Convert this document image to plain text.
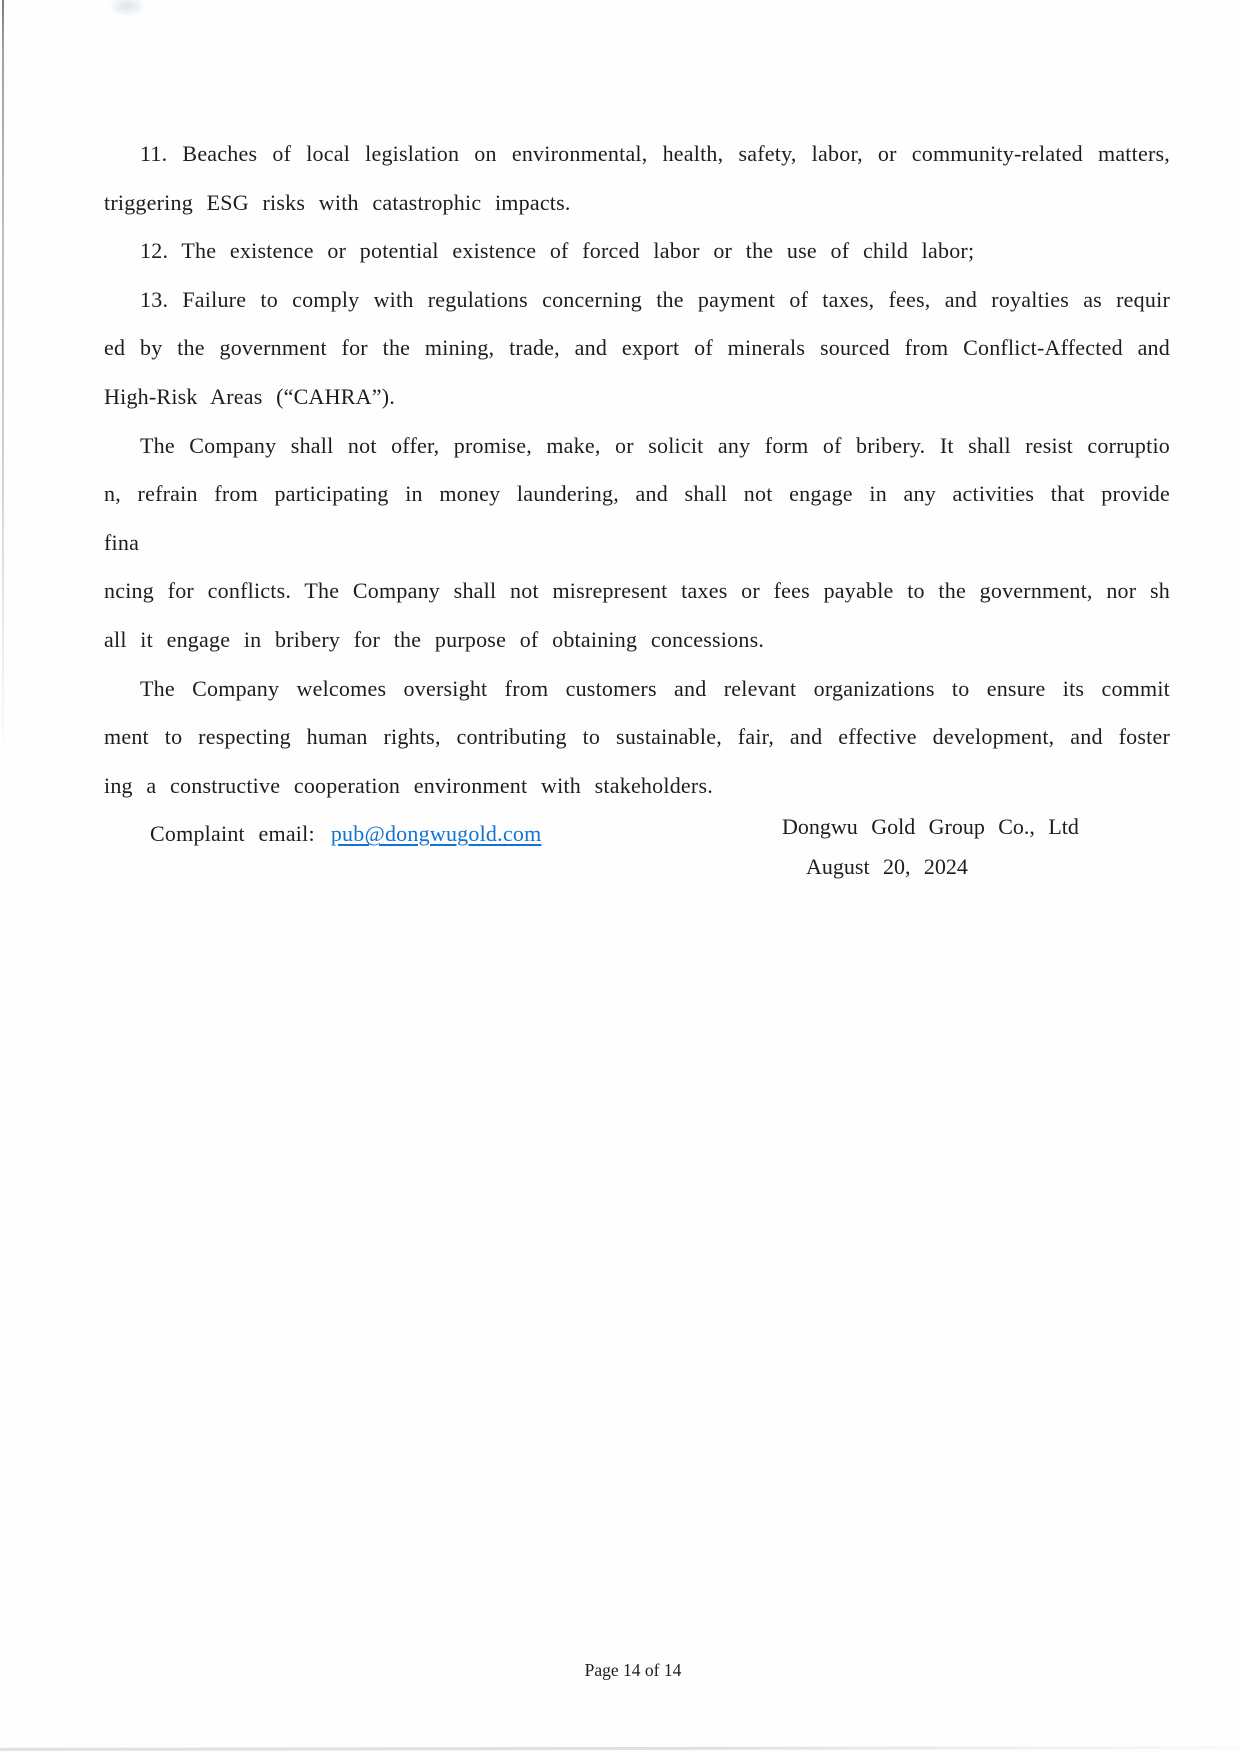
11. Beaches of local legislation on environmental, health, safety, labor, or community-related matters,
triggering ESG risks with catastrophic impacts.
12. The existence or potential existence of forced labor or the use of child labor;
13. Failure to comply with regulations concerning the payment of taxes, fees, and royalties as requir
ed by the government for the mining, trade, and export of minerals sourced from Conflict-Affected and
High-Risk Areas (“CAHRA”).
The Company shall not offer, promise, make, or solicit any form of bribery. It shall resist corruptio
n, refrain from participating in money laundering, and shall not engage in any activities that provide fina
ncing for conflicts. The Company shall not misrepresent taxes or fees payable to the government, nor sh
all it engage in bribery for the purpose of obtaining concessions.
The Company welcomes oversight from customers and relevant organizations to ensure its commit
ment to respecting human rights, contributing to sustainable, fair, and effective development, and foster
ing a constructive cooperation environment with stakeholders.
Complaint email: pub@dongwugold.com	Dongwu Gold Group Co., Ltd
August 20, 2024
Page 14 of 14
